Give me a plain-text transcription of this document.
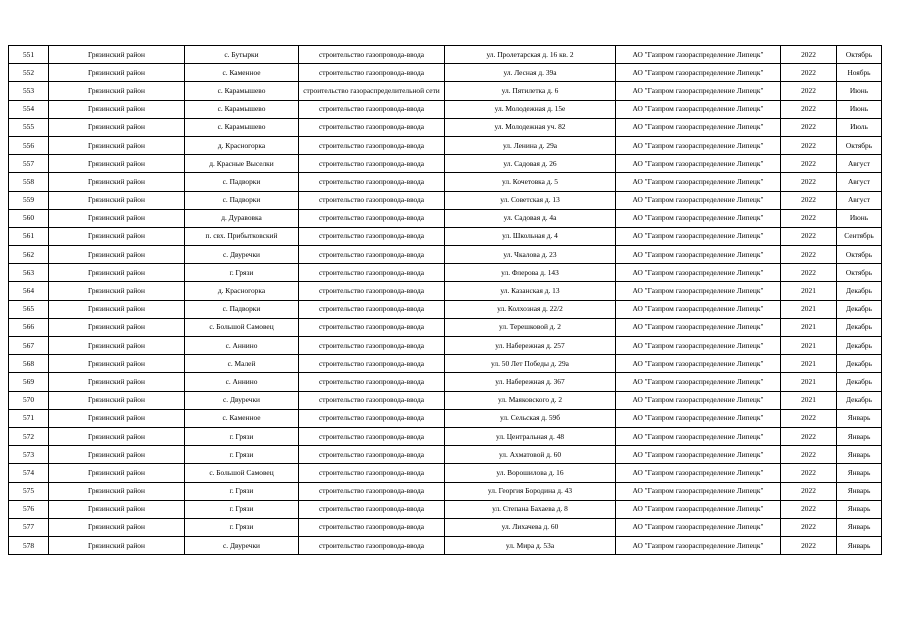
551	Грязинский район	с. Бутырки	строительство газопровода-ввода	ул. Пролетарская д. 16 кв. 2	АО "Газпром газораспределение Липецк"	2022	Октябрь
552	Грязинский район	с. Каменное	строительство газопровода-ввода	ул. Лесная д. 39а	АО "Газпром газораспределение Липецк"	2022	Ноябрь
553	Грязинский район	с. Карамышево	строительство газораспределительной сети	ул. Пятилетка д. 6	АО "Газпром газораспределение Липецк"	2022	Июнь
554	Грязинский район	с. Карамышево	строительство газопровода-ввода	ул. Молодежная д. 15е	АО "Газпром газораспределение Липецк"	2022	Июнь
555	Грязинский район	с. Карамышево	строительство газопровода-ввода	ул. Молодежная уч. 82	АО "Газпром газораспределение Липецк"	2022	Июль
556	Грязинский район	д. Красногорка	строительство газопровода-ввода	ул. Ленина д. 29а	АО "Газпром газораспределение Липецк"	2022	Октябрь
557	Грязинский район	д. Красные Выселки	строительство газопровода-ввода	ул. Садовая д. 26	АО "Газпром газораспределение Липецк"	2022	Август
558	Грязинский район	с. Падворки	строительство газопровода-ввода	ул. Кочетовка д. 5	АО "Газпром газораспределение Липецк"	2022	Август
559	Грязинский район	с. Падворки	строительство газопровода-ввода	ул. Советская д. 13	АО "Газпром газораспределение Липецк"	2022	Август
560	Грязинский район	д. Дуравовка	строительство газопровода-ввода	ул. Садовая д. 4а	АО "Газпром газораспределение Липецк"	2022	Июнь
561	Грязинский район	п. свх. Прибытковский	строительство газопровода-ввода	ул. Школьная д. 4	АО "Газпром газораспределение Липецк"	2022	Сентябрь
562	Грязинский район	с. Двуречки	строительство газопровода-ввода	ул. Чкалова д. 23	АО "Газпром газораспределение Липецк"	2022	Октябрь
563	Грязинский район	г. Грязи	строительство газопровода-ввода	ул. Флерова д. 143	АО "Газпром газораспределение Липецк"	2022	Октябрь
564	Грязинский район	д. Красногорка	строительство газопровода-ввода	ул. Казанская д. 13	АО "Газпром газораспределение Липецк"	2021	Декабрь
565	Грязинский район	с. Падворки	строительство газопровода-ввода	ул. Колхозная д. 22/2	АО "Газпром газораспределение Липецк"	2021	Декабрь
566	Грязинский район	с. Большой Самовец	строительство газопровода-ввода	ул. Терешковой д. 2	АО "Газпром газораспределение Липецк"	2021	Декабрь
567	Грязинский район	с. Аннино	строительство газопровода-ввода	ул. Набережная д. 257	АО "Газпром газораспределение Липецк"	2021	Декабрь
568	Грязинский район	с. Малей	строительство газопровода-ввода	ул. 50 Лет Победы д. 29а	АО "Газпром газораспределение Липецк"	2021	Декабрь
569	Грязинский район	с. Аннино	строительство газопровода-ввода	ул. Набережная д. 367	АО "Газпром газораспределение Липецк"	2021	Декабрь
570	Грязинский район	с. Двуречки	строительство газопровода-ввода	ул. Маяковского д. 2	АО "Газпром газораспределение Липецк"	2021	Декабрь
571	Грязинский район	с. Каменное	строительство газопровода-ввода	ул. Сельская д. 59б	АО "Газпром газораспределение Липецк"	2022	Январь
572	Грязинский район	г. Грязи	строительство газопровода-ввода	ул. Центральная д. 48	АО "Газпром газораспределение Липецк"	2022	Январь
573	Грязинский район	г. Грязи	строительство газопровода-ввода	ул. Ахматовой д. 60	АО "Газпром газораспределение Липецк"	2022	Январь
574	Грязинский район	с. Большой Самовец	строительство газопровода-ввода	ул. Ворошилова д. 16	АО "Газпром газораспределение Липецк"	2022	Январь
575	Грязинский район	г. Грязи	строительство газопровода-ввода	ул. Георгия Бородина д. 43	АО "Газпром газораспределение Липецк"	2022	Январь
576	Грязинский район	г. Грязи	строительство газопровода-ввода	ул. Степана Бахаева д. 8	АО "Газпром газораспределение Липецк"	2022	Январь
577	Грязинский район	г. Грязи	строительство газопровода-ввода	ул. Лихачева д. 60	АО "Газпром газораспределение Липецк"	2022	Январь
578	Грязинский район	с. Двуречки	строительство газопровода-ввода	ул. Мира д. 53а	АО "Газпром газораспределение Липецк"	2022	Январь
